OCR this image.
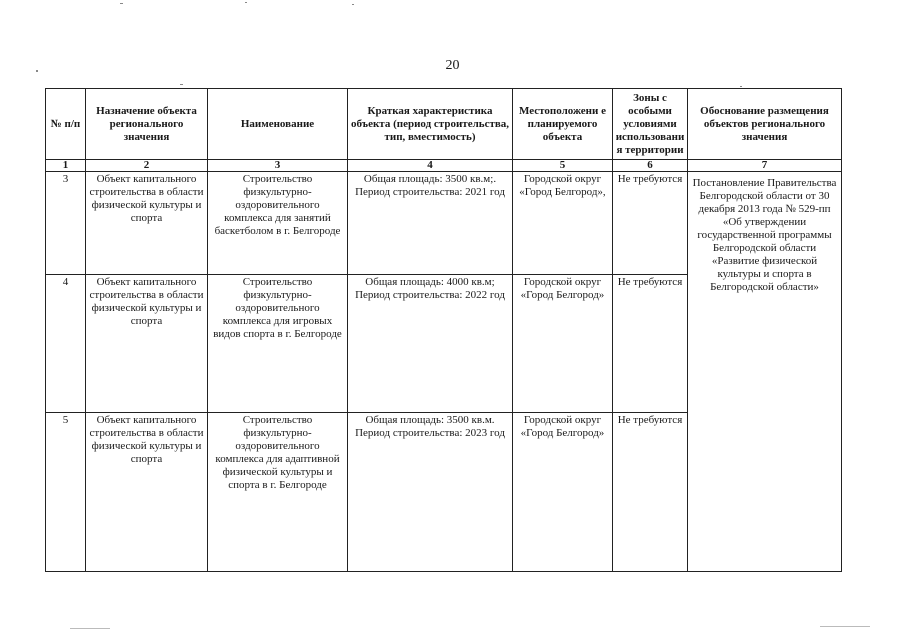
20
№ п/п	Назначение объекта регионального значения	Наименование	Краткая характеристика объекта (период строительства, тип, вместимость)	Местоположени е планируемого объекта	Зоны с особыми условиями использовани я территории	Обоснование размещения объектов регионального значения
1	2	3	4	5	6	7
3	Объект капитального строительства в области физической культуры и спорта	Строительство физкультурно-оздоровительного комплекса для занятий баскетболом в г. Белгороде	Общая площадь: 3500 кв.м;. Период строительства: 2021 год	Городской округ «Город Белгород»,	Не требуются	Постановление Правительства Белгородской области от 30 декабря 2013 года № 529-пп «Об утверждении государственной программы Белгородской области «Развитие физической культуры и спорта в Белгородской области»
4	Объект капитального строительства в области физической культуры и спорта	Строительство физкультурно-оздоровительного комплекса для игровых видов спорта в г. Белгороде	Общая площадь: 4000 кв.м; Период строительства: 2022 год	Городской округ «Город Белгород»	Не требуются	
5	Объект капитального строительства в области физической культуры и спорта	Строительство физкультурно-оздоровительного комплекса для адаптивной физической культуры и спорта в г. Белгороде	Общая площадь: 3500 кв.м. Период строительства: 2023 год	Городской округ «Город Белгород»	Не требуются	
